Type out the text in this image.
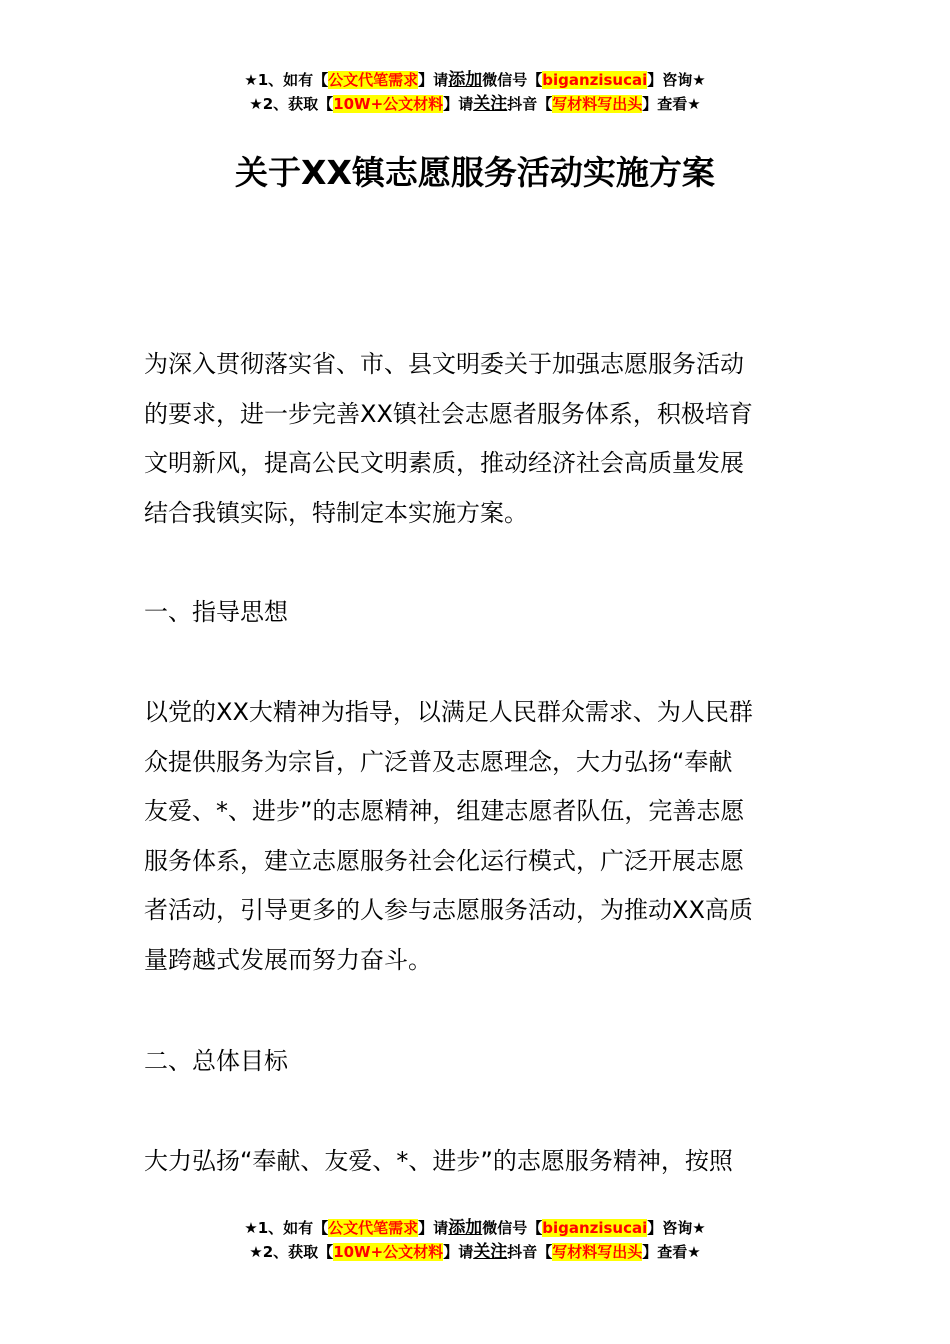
★1、如有【公文代笔需求】请添加微信号【biganzisucai】咨询★
★2、获取【10W+公文材料】请关注抖音【写材料写出头】查看★
关于XX镇志愿服务活动实施方案
为深入贯彻落实省、市、县文明委关于加强志愿服务活动
的要求，进一步完善XX镇社会志愿者服务体系，积极培育
文明新风，提高公民文明素质，推动经济社会高质量发展
结合我镇实际，特制定本实施方案。
一、指导思想
以党的XX大精神为指导，以满足人民群众需求、为人民群
众提供服务为宗旨，广泛普及志愿理念，大力弘扬“奉献
友爱、*、进步”的志愿精神，组建志愿者队伍，完善志愿
服务体系，建立志愿服务社会化运行模式，广泛开展志愿
者活动，引导更多的人参与志愿服务活动，为推动XX高质
量跨越式发展而努力奋斗。
二、总体目标
大力弘扬“奉献、友爱、*、进步”的志愿服务精神，按照
★1、如有【公文代笔需求】请添加微信号【biganzisucai】咨询★
★2、获取【10W+公文材料】请关注抖音【写材料写出头】查看★
